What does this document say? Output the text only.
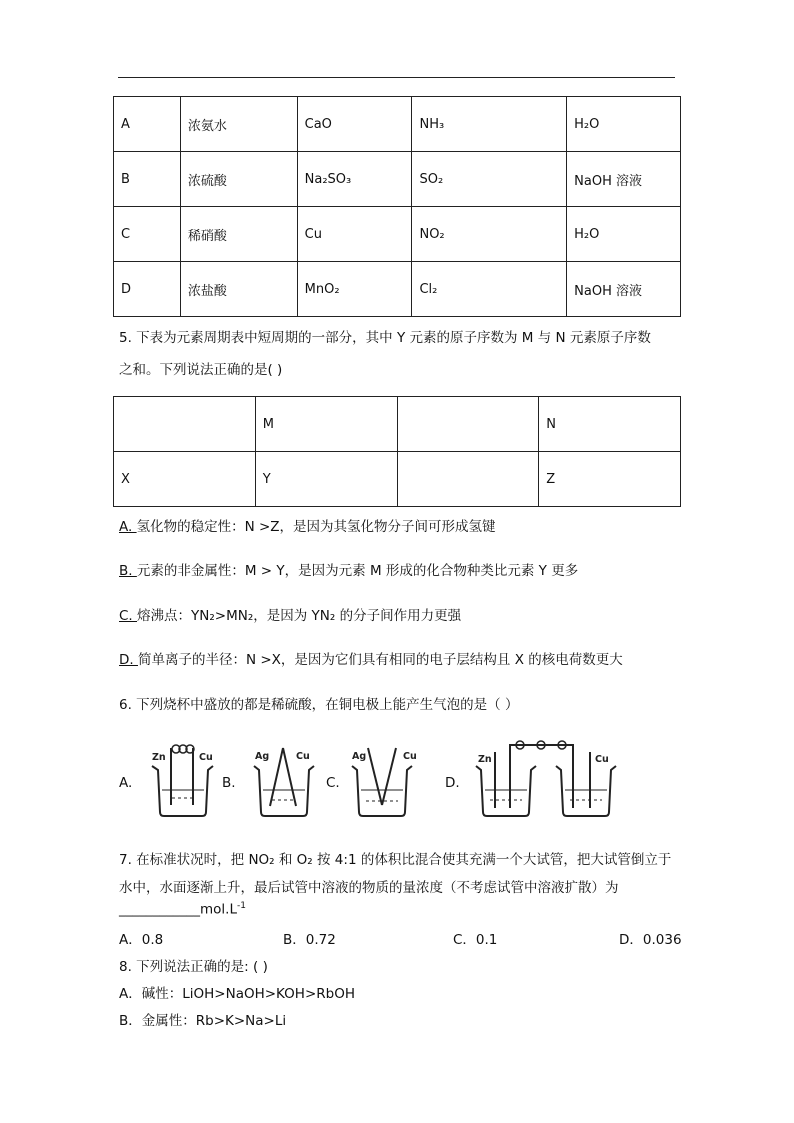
A	浓氨水	CaO	NH₃	H₂O
B	浓硫酸	Na₂SO₃	SO₂	NaOH 溶液
C	稀硝酸	Cu	NO₂	H₂O
D	浓盐酸	MnO₂	Cl₂	NaOH 溶液
5. 下表为元素周期表中短周期的一部分，其中 Y 元素的原子序数为 M 与 N 元素原子序数
之和。下列说法正确的是( )
	M		N
X	Y		Z
A. 氢化物的稳定性：N >Z，是因为其氢化物分子间可形成氢键
B. 元素的非金属性：M > Y，是因为元素 M 形成的化合物种类比元素 Y 更多
C. 熔沸点：YN₂>MN₂，是因为 YN₂ 的分子间作用力更强
D. 简单离子的半径：N >X，是因为它们具有相同的电子层结构且 X 的核电荷数更大
6. 下列烧杯中盛放的都是稀硫酸，在铜电极上能产生气泡的是（ ）
A.	B.	C.	D.
Zn	Cu	Ag	Cu	Ag	Cu	Zn	Cu
7. 在标准状况时，把 NO₂ 和 O₂ 按 4:1 的体积比混合使其充满一个大试管，把大试管倒立于
水中，水面逐渐上升，最后试管中溶液的物质的量浓度（不考虑试管中溶液扩散）为
$\_\_\_\_\_\_\_\_\_\_\_\_mol.L^{-1}$
A．0.8	B．0.72	C．0.1	D．0.036
8. 下列说法正确的是: ( )
A．碱性：LiOH>NaOH>KOH>RbOH
B．金属性：Rb>K>Na>Li
